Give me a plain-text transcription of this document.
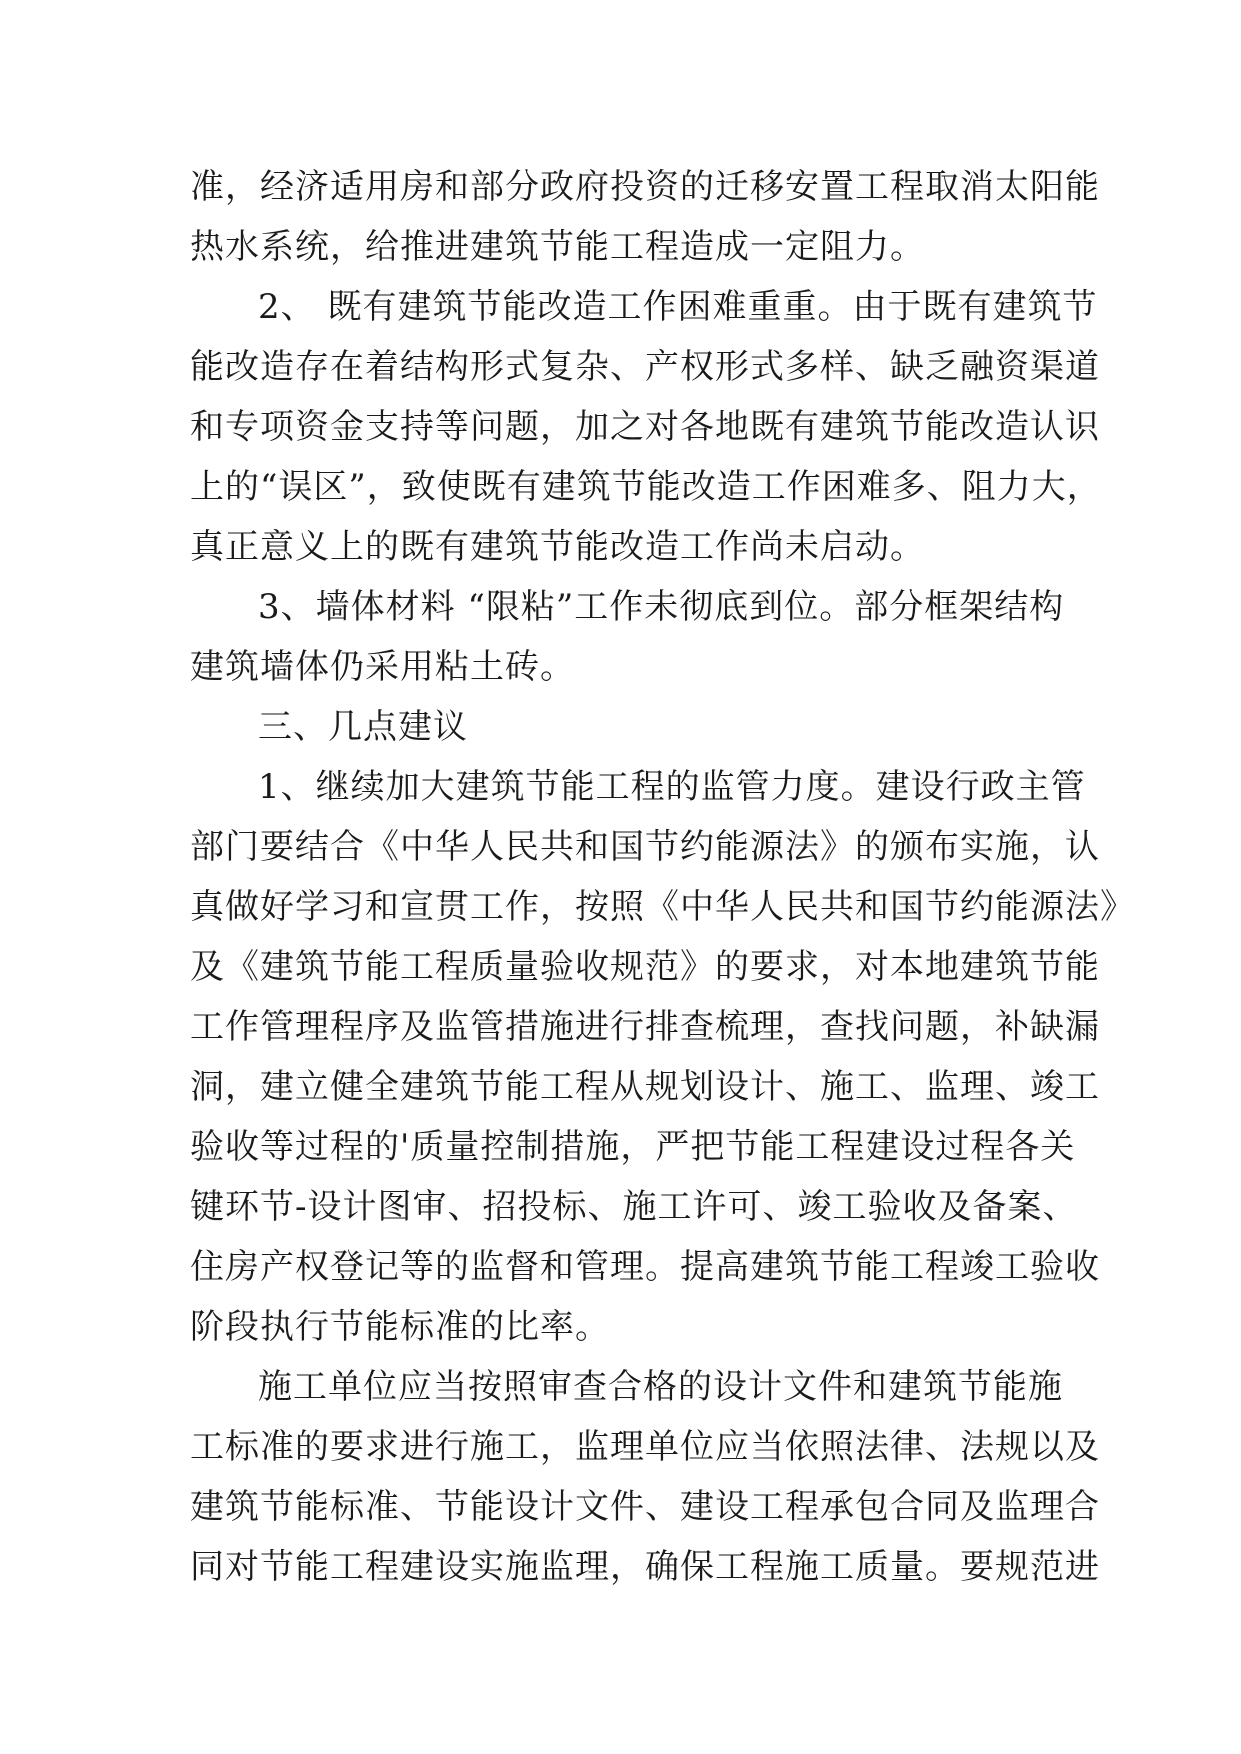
准，经济适用房和部分政府投资的迁移安置工程取消太阳能
热水系统，给推进建筑节能工程造成一定阻力。
2、 既有建筑节能改造工作困难重重。由于既有建筑节
能改造存在着结构形式复杂、产权形式多样、缺乏融资渠道
和专项资金支持等问题，加之对各地既有建筑节能改造认识
上的“误区”，致使既有建筑节能改造工作困难多、阻力大，
真正意义上的既有建筑节能改造工作尚未启动。
3、墙体材料 “限粘”工作未彻底到位。部分框架结构
建筑墙体仍采用粘土砖。
三、几点建议
1、继续加大建筑节能工程的监管力度。建设行政主管
部门要结合《中华人民共和国节约能源法》的颁布实施，认
真做好学习和宣贯工作，按照《中华人民共和国节约能源法》
及《建筑节能工程质量验收规范》的要求，对本地建筑节能
工作管理程序及监管措施进行排查梳理，查找问题，补缺漏
洞，建立健全建筑节能工程从规划设计、施工、监理、竣工
验收等过程的'质量控制措施，严把节能工程建设过程各关
键环节-设计图审、招投标、施工许可、竣工验收及备案、
住房产权登记等的监督和管理。提高建筑节能工程竣工验收
阶段执行节能标准的比率。
施工单位应当按照审查合格的设计文件和建筑节能施
工标准的要求进行施工，监理单位应当依照法律、法规以及
建筑节能标准、节能设计文件、建设工程承包合同及监理合
同对节能工程建设实施监理，确保工程施工质量。要规范进
